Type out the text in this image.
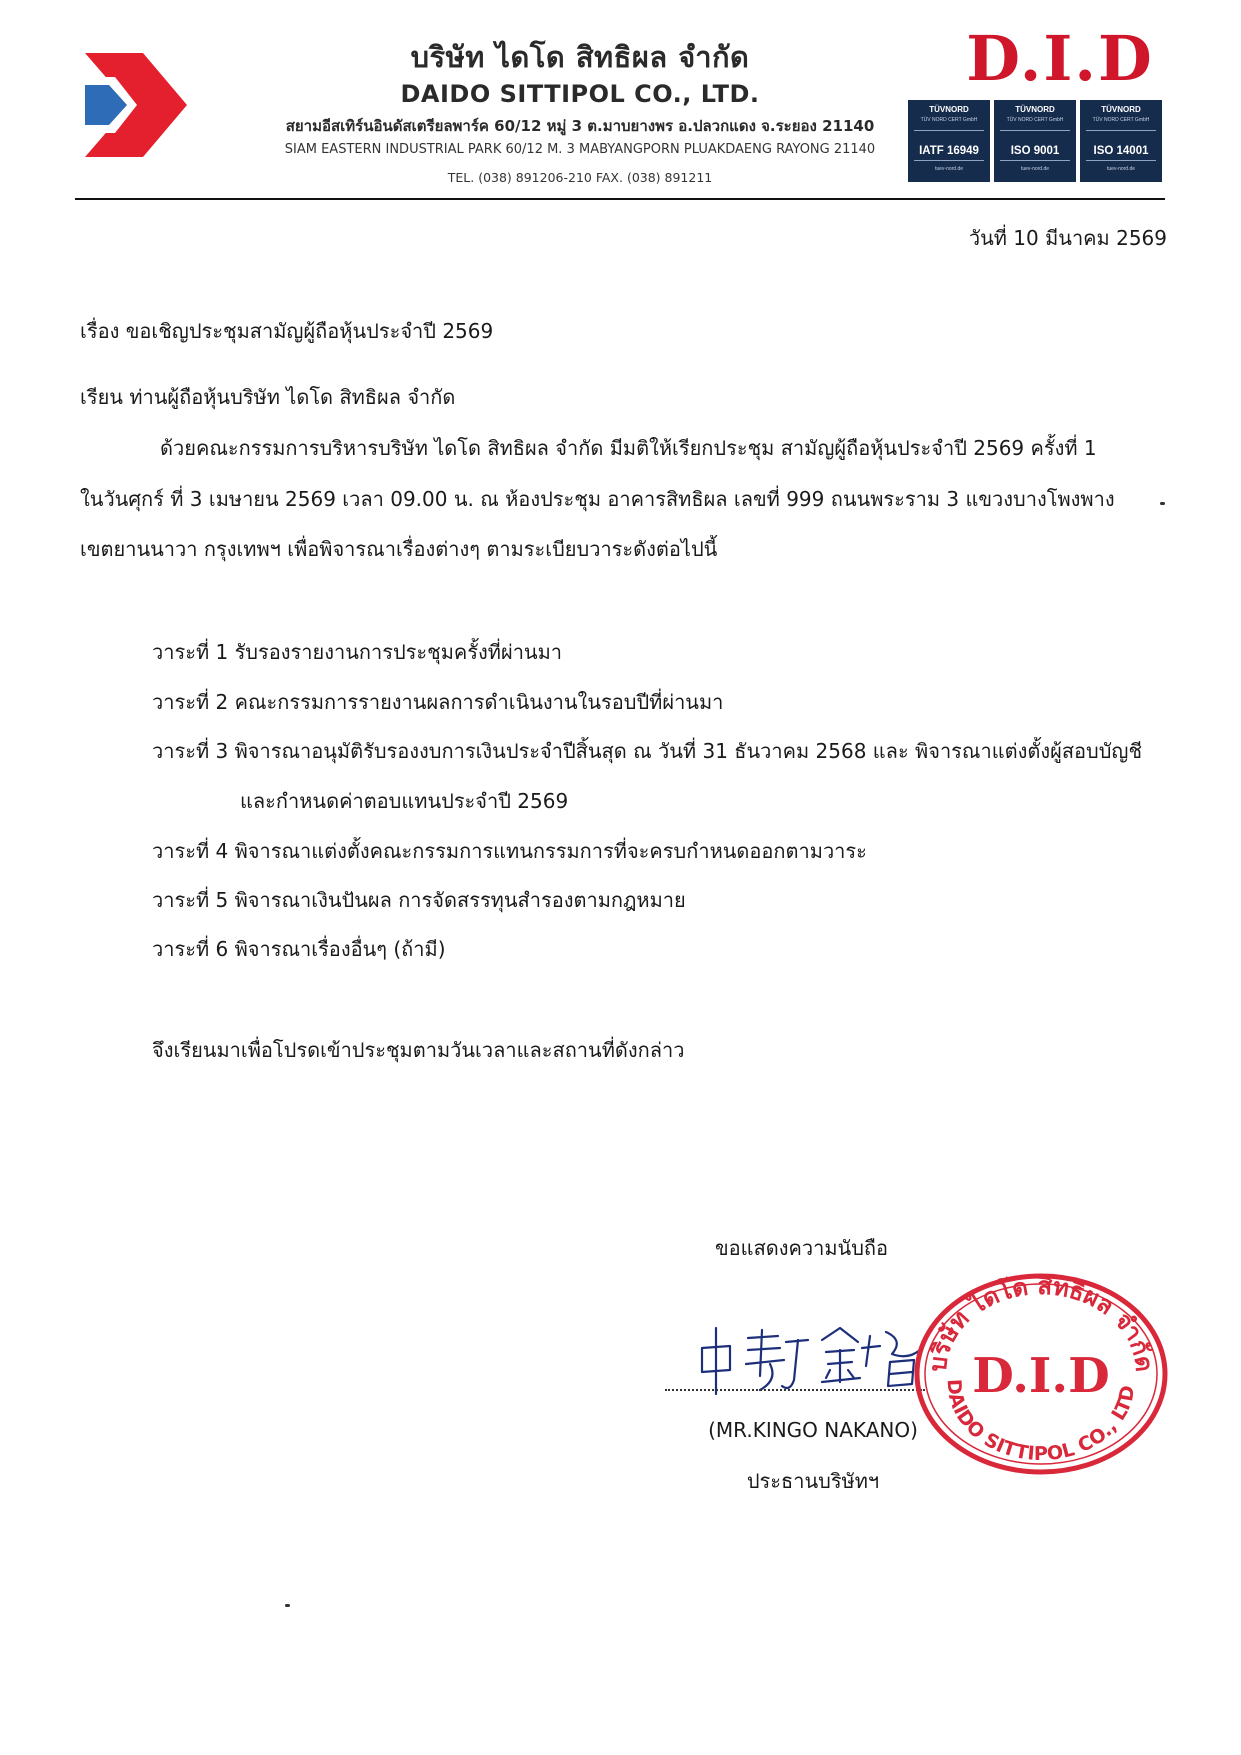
บริษัท ไดโด สิทธิผล จำกัด
DAIDO SITTIPOL CO., LTD.
สยามอีสเทิร์นอินดัสเตรียลพาร์ค 60/12 หมู่ 3 ต.มาบยางพร อ.ปลวกแดง จ.ระยอง 21140
SIAM EASTERN INDUSTRIAL PARK 60/12 M. 3 MABYANGPORN PLUAKDAENG RAYONG 21140
TEL. (038) 891206-210 FAX. (038) 891211
D.I.D
TÜVNORD
TÜV NORD CERT GmbH
IATF 16949
tuev-nord.de
TÜVNORD
TÜV NORD CERT GmbH
ISO 9001
tuev-nord.de
TÜVNORD
TÜV NORD CERT GmbH
ISO 14001
tuev-nord.de
วันที่ 10 มีนาคม 2569
เรื่อง ขอเชิญประชุมสามัญผู้ถือหุ้นประจำปี 2569
เรียน ท่านผู้ถือหุ้นบริษัท ไดโด สิทธิผล จำกัด
ด้วยคณะกรรมการบริหารบริษัท ไดโด สิทธิผล จำกัด มีมติให้เรียกประชุม สามัญผู้ถือหุ้นประจำปี 2569 ครั้งที่ 1
ในวันศุกร์ ที่ 3 เมษายน 2569 เวลา 09.00 น. ณ ห้องประชุม อาคารสิทธิผล เลขที่ 999 ถนนพระราม 3 แขวงบางโพงพาง
เขตยานนาวา กรุงเทพฯ เพื่อพิจารณาเรื่องต่างๆ ตามระเบียบวาระดังต่อไปนี้
วาระที่ 1 รับรองรายงานการประชุมครั้งที่ผ่านมา
วาระที่ 2 คณะกรรมการรายงานผลการดำเนินงานในรอบปีที่ผ่านมา
วาระที่ 3 พิจารณาอนุมัติรับรองงบการเงินประจำปีสิ้นสุด ณ วันที่ 31 ธันวาคม 2568 และ พิจารณาแต่งตั้งผู้สอบบัญชี
และกำหนดค่าตอบแทนประจำปี 2569
วาระที่ 4 พิจารณาแต่งตั้งคณะกรรมการแทนกรรมการที่จะครบกำหนดออกตามวาระ
วาระที่ 5 พิจารณาเงินปันผล การจัดสรรทุนสำรองตามกฎหมาย
วาระที่ 6 พิจารณาเรื่องอื่นๆ (ถ้ามี)
จึงเรียนมาเพื่อโปรดเข้าประชุมตามวันเวลาและสถานที่ดังกล่าว
ขอแสดงความนับถือ
(MR.KINGO NAKANO)
ประธานบริษัทฯ
บริษัท ไดโด สิทธิผล จำกัด
D.I.D
DAIDO SITTIPOL CO., LTD
